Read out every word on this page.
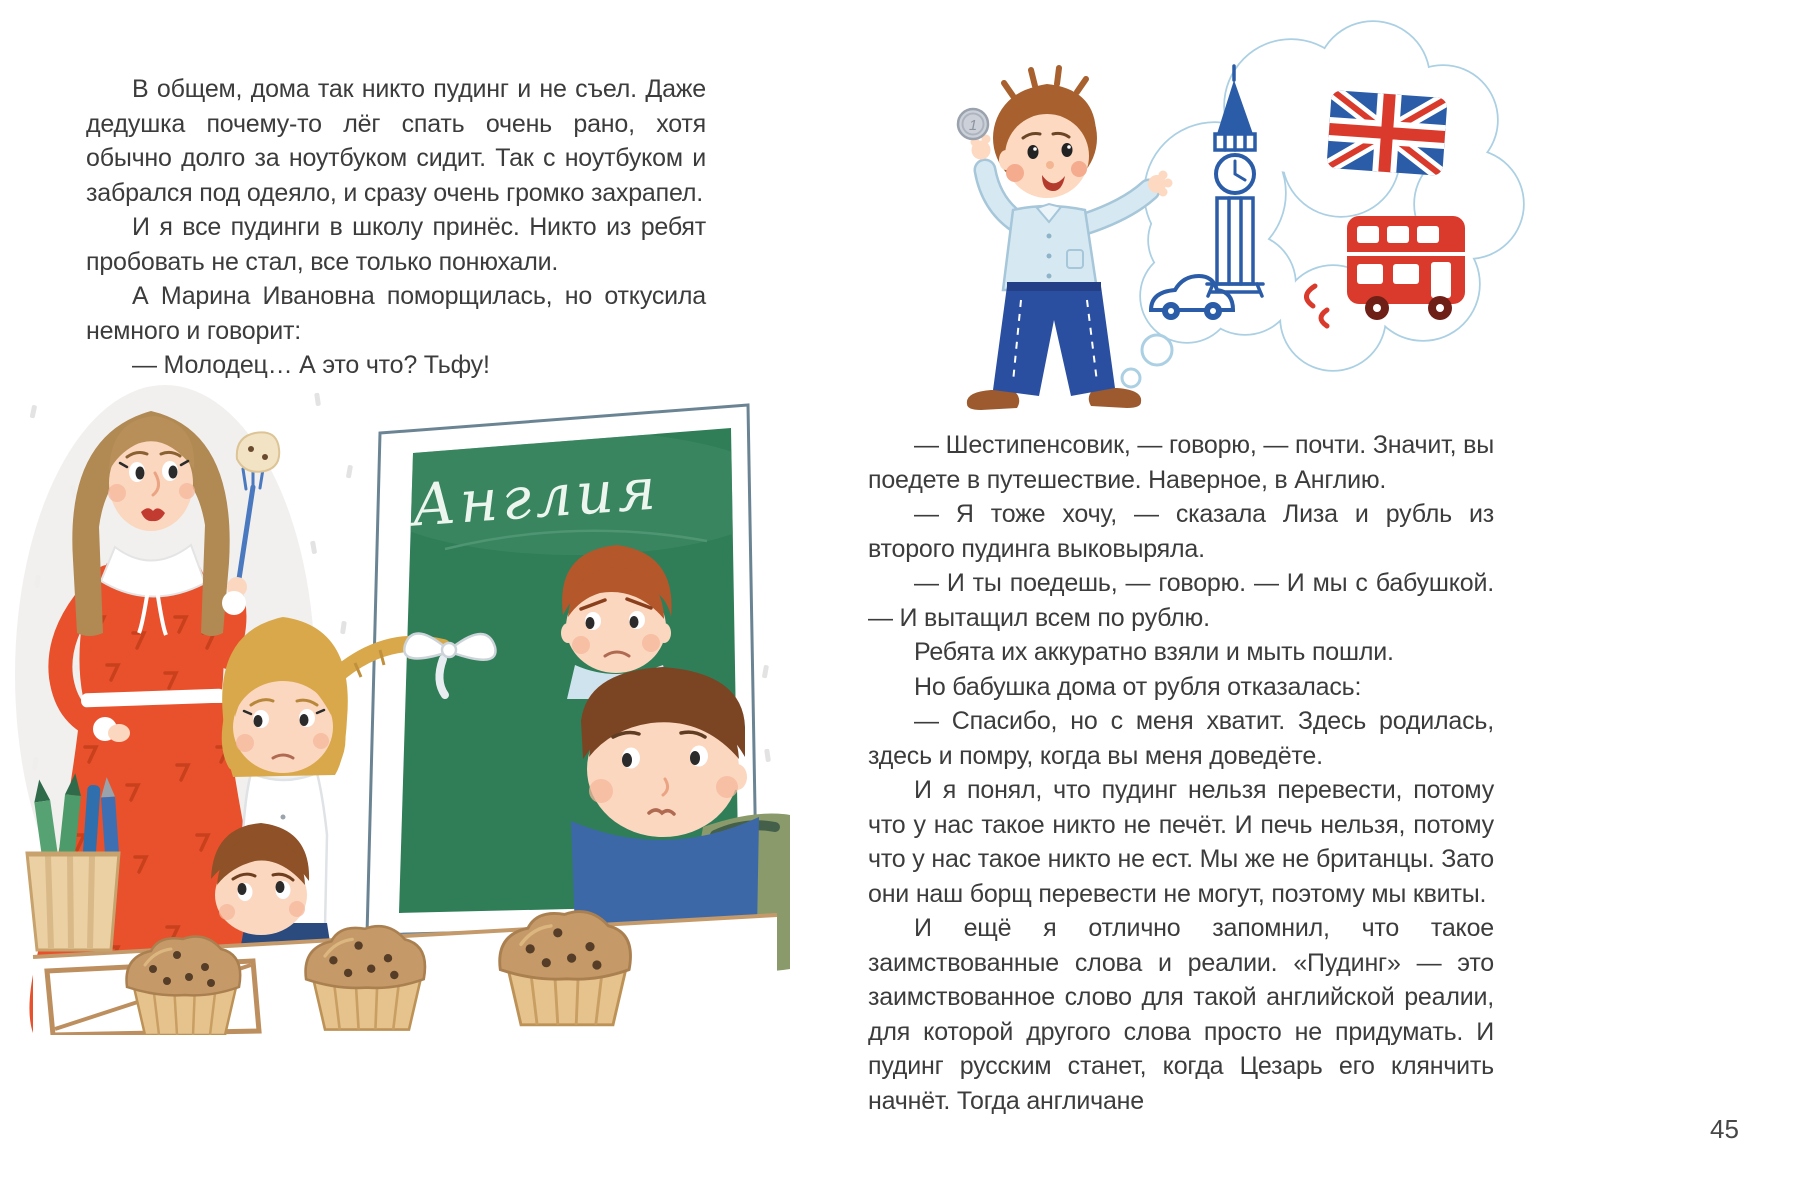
В общем, дома так никто пудинг и не съел. Даже дедушка почему-то лёг спать очень рано, хотя обычно долго за ноутбуком сидит. Так с ноутбуком и забрался под одеяло, и сразу очень громко захрапел.

И я все пудинги в школу принёс. Никто из ребят пробовать не стал, все только понюхали.

А Марина Ивановна поморщилась, но откусила немного и говорит:

— Молодец… А это что? Тьфу!

Англия
1

— Шестипенсовик, — говорю, — почти. Значит, вы поедете в путешествие. Наверное, в Англию.

— Я тоже хочу, — сказала Лиза и рубль из второго пудинга выковыряла.

— И ты поедешь, — говорю. — И мы с бабушкой. — И вытащил всем по рублю.

Ребята их аккуратно взяли и мыть пошли.

Но бабушка дома от рубля отказалась:

— Спасибо, но с меня хватит. Здесь родилась, здесь и помру, когда вы меня доведёте.

И я понял, что пудинг нельзя перевести, потому что у нас такое никто не печёт. И печь нельзя, потому что у нас такое никто не ест. Мы же не британцы. Зато они наш борщ перевести не могут, поэтому мы квиты.

И ещё я отлично запомнил, что такое заимствованные слова и реалии. «Пудинг» — это заимствованное слово для такой английской реалии, для которой другого слова просто не придумать. И пудинг русским станет, когда Цезарь его клянчить начнёт. Тогда англичане

45
